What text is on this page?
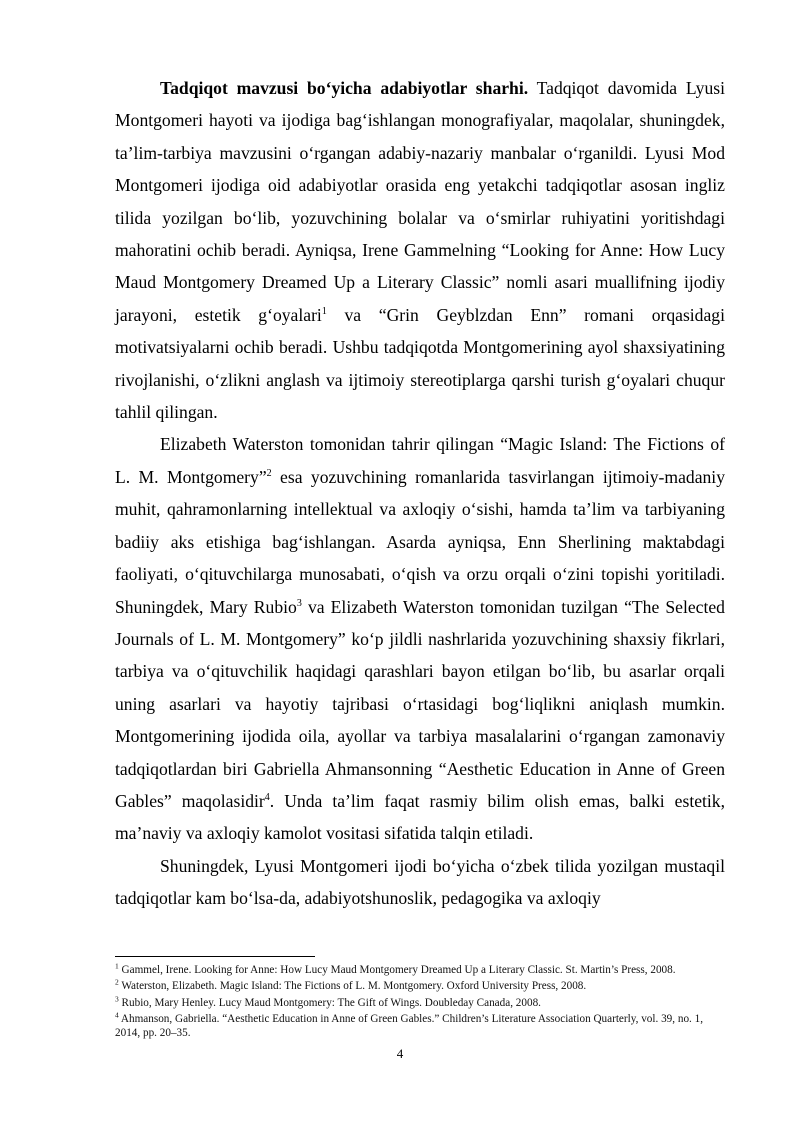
Tadqiqot mavzusi bo‘yicha adabiyotlar sharhi. Tadqiqot davomida Lyusi Montgomeri hayoti va ijodiga bag‘ishlangan monografiyalar, maqolalar, shuningdek, ta’lim-tarbiya mavzusini o‘rgangan adabiy-nazariy manbalar o‘rganildi. Lyusi Mod Montgomeri ijodiga oid adabiyotlar orasida eng yetakchi tadqiqotlar asosan ingliz tilida yozilgan bo‘lib, yozuvchining bolalar va o‘smirlar ruhiyatini yoritishdagi mahoratini ochib beradi. Ayniqsa, Irene Gammelning “Looking for Anne: How Lucy Maud Montgomery Dreamed Up a Literary Classic” nomli asari muallifning ijodiy jarayoni, estetik g‘oyalari$^1$ va “Grin Geyblzdan Enn” romani orqasidagi motivatsiyalarni ochib beradi. Ushbu tadqiqotda Montgomerining ayol shaxsiyatining rivojlanishi, o‘zlikni anglash va ijtimoiy stereotiplarga qarshi turish g‘oyalari chuqur tahlil qilingan.

Elizabeth Waterston tomonidan tahrir qilingan “Magic Island: The Fictions of L. M. Montgomery”$^2$ esa yozuvchining romanlarida tasvirlangan ijtimoiy-madaniy muhit, qahramonlarning intellektual va axloqiy o‘sishi, hamda ta’lim va tarbiyaning badiiy aks etishiga bag‘ishlangan. Asarda ayniqsa, Enn Sherlining maktabdagi faoliyati, o‘qituvchilarga munosabati, o‘qish va orzu orqali o‘zini topishi yoritiladi. Shuningdek, Mary Rubio$^3$ va Elizabeth Waterston tomonidan tuzilgan “The Selected Journals of L. M. Montgomery” ko‘p jildli nashrlarida yozuvchining shaxsiy fikrlari, tarbiya va o‘qituvchilik haqidagi qarashlari bayon etilgan bo‘lib, bu asarlar orqali uning asarlari va hayotiy tajribasi o‘rtasidagi bog‘liqlikni aniqlash mumkin. Montgomerining ijodida oila, ayollar va tarbiya masalalarini o‘rgangan zamonaviy tadqiqotlardan biri Gabriella Ahmansonning “Aesthetic Education in Anne of Green Gables” maqolasidir$^4$. Unda ta’lim faqat rasmiy bilim olish emas, balki estetik, ma’naviy va axloqiy kamolot vositasi sifatida talqin etiladi.

Shuningdek, Lyusi Montgomeri ijodi bo‘yicha o‘zbek tilida yozilgan mustaqil tadqiqotlar kam bo‘lsa-da, adabiyotshunoslik, pedagogika va axloqiy

$^1$ Gammel, Irene. Looking for Anne: How Lucy Maud Montgomery Dreamed Up a Literary Classic. St. Martin’s Press, 2008.
$^2$ Waterston, Elizabeth. Magic Island: The Fictions of L. M. Montgomery. Oxford University Press, 2008.
$^3$ Rubio, Mary Henley. Lucy Maud Montgomery: The Gift of Wings. Doubleday Canada, 2008.
$^4$ Ahmanson, Gabriella. “Aesthetic Education in Anne of Green Gables.” Children’s Literature Association Quarterly, vol. 39, no. 1, 2014, pp. 20–35.
4
